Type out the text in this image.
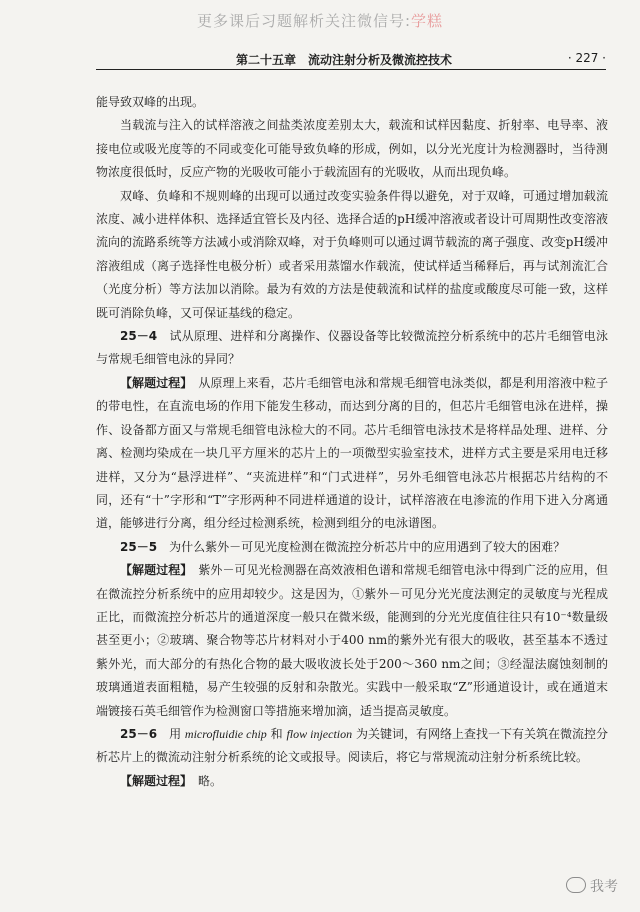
更多课后习题解析关注微信号:学糕
第二十五章　流动注射分析及微流控技术	· 227 ·

能导致双峰的出现。

当载流与注入的试样溶液之间盐类浓度差别太大，载流和试样因黏度、折射率、电导率、液接电位或吸光度等的不同或变化可能导致负峰的形成，例如，以分光光度计为检测器时，当待测物浓度很低时，反应产物的光吸收可能小于载流固有的光吸收，从而出现负峰。

双峰、负峰和不规则峰的出现可以通过改变实验条件得以避免，对于双峰，可通过增加载流浓度、减小进样体积、选择适宜管长及内径、选择合适的pH缓冲溶液或者设计可周期性改变溶液流向的流路系统等方法减小或消除双峰，对于负峰则可以通过调节载流的离子强度、改变pH缓冲溶液组成（离子选择性电极分析）或者采用蒸馏水作载流，使试样适当稀释后，再与试剂流汇合（光度分析）等方法加以消除。最为有效的方法是使载流和试样的盐度或酸度尽可能一致，这样既可消除负峰，又可保证基线的稳定。

25－4　 试从原理、进样和分离操作、仪器设备等比较微流控分析系统中的芯片毛细管电泳与常规毛细管电泳的异同？

【解题过程】　 从原理上来看，芯片毛细管电泳和常规毛细管电泳类似，都是利用溶液中粒子的带电性，在直流电场的作用下能发生移动，而达到分离的目的，但芯片毛细管电泳在进样，操作、设备都方面又与常规毛细管电泳检大的不同。芯片毛细管电泳技术是将样品处理、进样、分离、检测均染成在一块几平方厘米的芯片上的一项微型实验室技术，进样方式主要是采用电迁移进样，又分为“悬浮进样”、“夹流进样”和“门式进样”，另外毛细管电泳芯片根据芯片结构的不同，还有“十”字形和“T”字形两种不同进样通道的设计，试样溶液在电渗流的作用下进入分离通道，能够进行分离，组分经过检测系统，检测到组分的电泳谱图。

25－5　 为什么紫外－可见光度检测在微流控分析芯片中的应用遇到了较大的困难？

【解题过程】　 紫外－可见光检测器在高效液相色谱和常规毛细管电泳中得到广泛的应用，但在微流控分析系统中的应用却较少。这是因为，①紫外－可见分光光度法测定的灵敏度与光程成正比，而微流控分析芯片的通道深度一般只在微米级，能测到的分光光度值往往只有10⁻⁴数量级甚至更小；②玻璃、聚合物等芯片材料对小于400 nm的紫外光有很大的吸收，甚至基本不透过紫外光，而大部分的有热化合物的最大吸收波长处于200～360 nm之间；③经湿法腐蚀刻制的玻璃通道表面粗糙，易产生较强的反射和杂散光。实践中一般采取“Z”形通道设计，或在通道末端镀接石英毛细管作为检测窗口等措施来增加滴，适当提高灵敏度。

25－6　 用 microfluidie chip 和 flow injection 为关键词，有网络上查找一下有关筑在微流控分析芯片上的微流动注射分析系统的论文或报导。阅读后，将它与常规流动注射分析系统比较。

【解题过程】　 略。

我考
